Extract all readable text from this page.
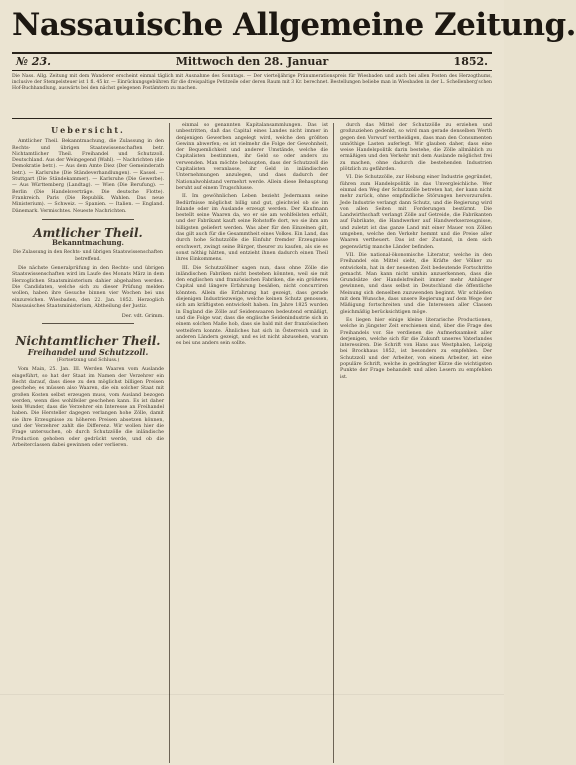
Nassauische Allgemeine Zeitung.
№ 23.	Mittwoch den 28. Januar	1852.
Die Nass. Allg. Zeitung mit dem Wanderer erscheint einmal täglich mit Ausnahme des Sonntags. — Der vierteljährige Pränumerationspreis für Wiesbaden und auch bei allen Posten des Herzogthums, inclusive der Stempelsteuer ist 1 fl. 45 kr. — Einrückungsgebühren für die dreispaltige Petitzeile oder deren Raum mit 3 Kr. berechnet. Bestellungen beliebe man in Wiesbaden in der L. Schellenberg'schen Hof-Buchhandlung, auswärts bei den nächst gelegenen Postämtern zu machen.
Uebersicht.

Amtlicher Theil. Bekanntmachung, die Zulassung in den Rechts- und übrigen Staatswissenschaften betr. Nichtamtlicher Theil. Freihandel und Schutzzoll. Deutschland. Aus der Weingegend (Wahl). — Nachrichten (die Demokratie betr.). — Aus dem Amte Diez (Der Gemeinderath betr.). — Karlsruhe (Die Ständeverhandlungen). — Kassel. — Stuttgart (Die Ständekammer). — Karlsruhe (Die Gewerbe). — Aus Württemberg (Landtag). — Wien (Die Berufung). — Berlin (Die Handelsverträge. Die deutsche Flotte). Frankreich. Paris (Die Republik. Wahlen. Das neue Ministerium). — Schweiz. — Spanien. — Italien. — England. Dänemark. Vermischtes. Neueste Nachrichten.

Amtlicher Theil.
Bekanntmachung.
Die Zulassung in den Rechts- und übrigen Staatswissenschaften betreffend.

Die nächste Generalprüfung in den Rechts- und übrigen Staatswissenschaften wird im Laufe des Monats März in dem Herzoglichen Staatsministerium dahier abgehalten werden. Die Candidaten, welche sich zu dieser Prüfung melden wollen, haben ihre Gesuche binnen vier Wochen bei uns einzureichen. Wiesbaden, den 22. Jan. 1852. Herzoglich Nassauisches Staatsministerium, Abtheilung der Justiz.

Der. vdt. Grimm.
Nichtamtlicher Theil.
Freihandel und Schutzzoll.
(Fortsetzung und Schluss.)

Vom Main, 25. Jan. III. Werden Waaren vom Auslande eingeführt, so hat der Staat im Namen der Verzehrer ein Recht darauf, dass diese zu den möglichst billigen Preisen geschehe; es müssen also Waaren, die ein solcher Staat mit großen Kosten selbst erzeugen muss, vom Ausland bezogen werden, wenn dies wohlfeiler geschehen kann. Es ist daher kein Wunder, dass die Verzehrer ein Interesse an Freihandel haben. Die Hersteller dagegen verlangen hohe Zölle, damit sie ihre Erzeugnisse zu höheren Preisen absetzen können, und der Verzehrer zahlt die Differenz. Wir wollen hier die Frage untersuchen, ob durch Schutzzölle die inländische Production gehoben oder gedrückt werde, und ob die Arbeiterclassen dabei gewinnen oder verlieren.

einmal so genannten Kapitalansammlungen. Das ist unbestritten, daß das Capital eines Landes nicht immer in denjenigen Gewerben angelegt wird, welche den größten Gewinn abwerfen; es ist vielmehr die Folge der Gewohnheit, der Bequemlichkeit und anderer Umstände, welche die Capitalisten bestimmen, ihr Geld so oder anders zu verwenden. Man möchte behaupten, dass der Schutzzoll die Capitalisten veranlasse, ihr Geld in inländischen Unternehmungen anzulegen, und dass dadurch der Nationalwohlstand vermehrt werde. Allein diese Behauptung beruht auf einem Trugschlusse.

II. Im gewöhnlichen Leben bezieht Jedermann seine Bedürfnisse möglichst billig und gut, gleichviel ob sie im Inlande oder im Auslande erzeugt werden. Der Kaufmann bestellt seine Waaren da, wo er sie am wohlfeilsten erhält, und der Fabrikant kauft seine Rohstoffe dort, wo sie ihm am billigsten geliefert werden. Was aber für den Einzelnen gilt, das gilt auch für die Gesammtheit eines Volkes. Ein Land, das durch hohe Schutzzölle die Einfuhr fremder Erzeugnisse erschwert, zwingt seine Bürger, theurer zu kaufen, als sie es sonst nöthig hätten, und entzieht ihnen dadurch einen Theil ihres Einkommens.

III. Die Schutzzöllner sagen nun, dass ohne Zölle die inländischen Fabriken nicht bestehen könnten, weil sie mit den englischen und französischen Fabriken, die ein größeres Capital und längere Erfahrung besäßen, nicht concurriren könnten. Allein die Erfahrung hat gezeigt, dass gerade diejenigen Industriezweige, welche keinen Schutz genossen, sich am kräftigsten entwickelt haben. Im Jahre 1825 wurden in England die Zölle auf Seidenwaaren bedeutend ermäßigt, und die Folge war, dass die englische Seidenindustrie sich in einem solchen Maße hob, dass sie bald mit der französischen wetteifern konnte. Ähnliches hat sich in Österreich und in anderen Ländern gezeigt, und es ist nicht abzusehen, warum es bei uns anders sein sollte.

durch das Mittel der Schutzzölle zu erziehen und großzuziehen gedenkt, so wird man gerade denselben Werth gegen den Vorwurf vertheidigen, dass man den Consumenten unnöthige Lasten auferlegt. Wir glauben daher, dass eine weise Handelspolitik darin bestehe, die Zölle allmählich zu ermäßigen und den Verkehr mit dem Auslande möglichst frei zu machen, ohne dadurch die bestehenden Industrien plötzlich zu gefährden.

VI. Die Schutzzölle, zur Hebung einer Industrie gegründet, führen zum Handelspolitik in das Unvergleichliche. Wer einmal den Weg der Schutzzölle betreten hat, der kann nicht mehr zurück, ohne empfindliche Störungen hervorzurufen. Jede Industrie verlangt dann Schutz, und die Regierung wird von allen Seiten mit Forderungen bestürmt. Die Landwirthschaft verlangt Zölle auf Getreide, die Fabrikanten auf Fabrikate, die Handwerker auf Handwerkserzeugnisse, und zuletzt ist das ganze Land mit einer Mauer von Zöllen umgeben, welche den Verkehr hemmt und die Preise aller Waaren vertheuert. Das ist der Zustand, in dem sich gegenwärtig manche Länder befinden.

VII. Die national-ökonomische Literatur, welche in den Freihandel ein Mittel sieht, die Kräfte der Völker zu entwickeln, hat in der neuesten Zeit bedeutende Fortschritte gemacht. Man kann nicht umhin anzuerkennen, dass die Grundsätze der Handelsfreiheit immer mehr Anhänger gewinnen, und dass selbst in Deutschland die öffentliche Meinung sich denselben zuzuwenden beginnt. Wir schließen mit dem Wunsche, dass unsere Regierung auf dem Wege der Mäßigung fortschreiten und die Interessen aller Classen gleichmäßig berücksichtigen möge.

Es liegen hier einige kleine literarische Productionen, welche in jüngster Zeit erschienen sind, über die Frage des Freihandels vor. Sie verdienen die Aufmerksamkeit aller derjenigen, welche sich für die Zukunft unseres Vaterlandes interessiren. Die Schrift von Hans aus Westphalen, Leipzig bei Brockhaus 1852, ist besonders zu empfehlen. Der Schutzzoll und der Arbeiter, von einem Arbeiter, ist eine populäre Schrift, welche in gedrängter Kürze die wichtigsten Punkte der Frage behandelt und allen Lesern zu empfehlen ist.
